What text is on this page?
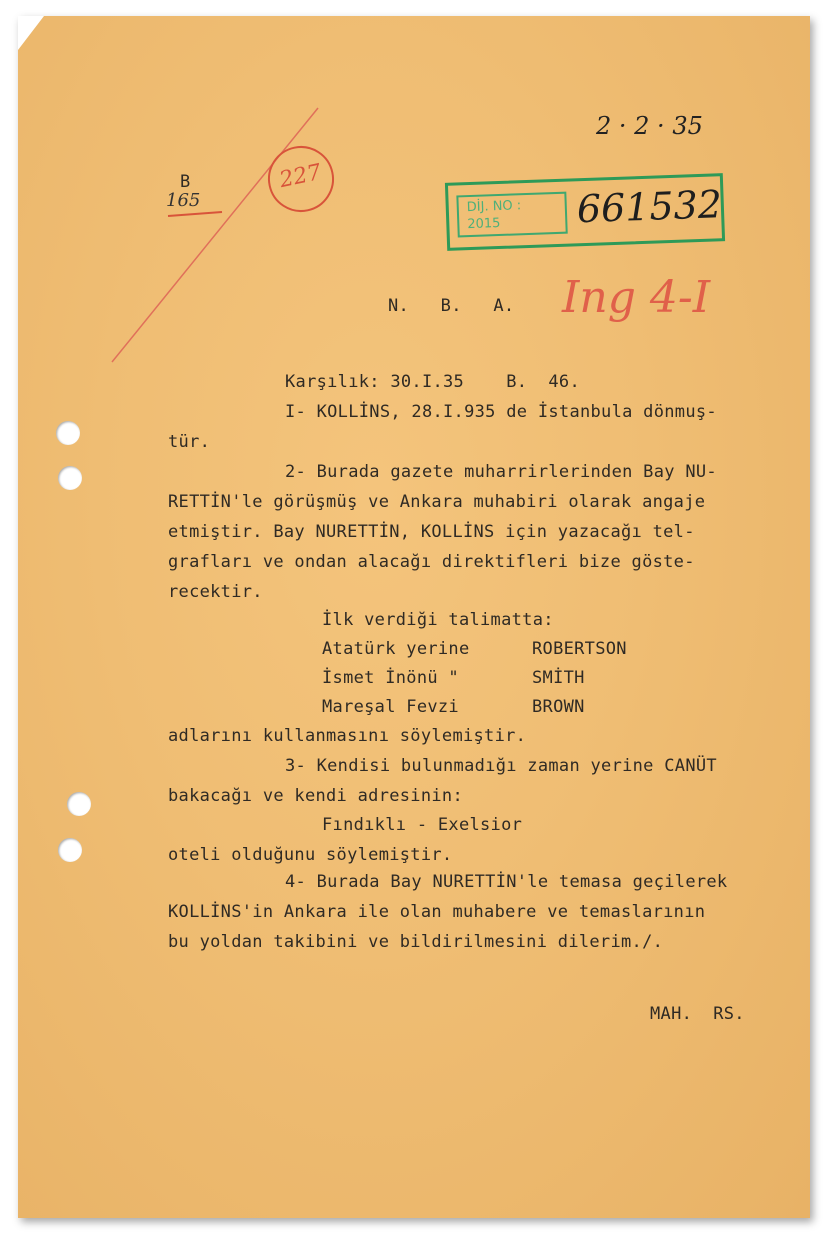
2 · 2 · 35
B
165
227
DİJ. NO :
2015 661532
N.   B.   A. Ing 4-I
Karşılık: 30.I.35    B.  46.
I- KOLLİNS, 28.I.935 de İstanbula dönmuş-
tür.
2- Burada gazete muharrirlerinden Bay NU-
RETTİN'le görüşmüş ve Ankara muhabiri olarak angaje
etmiştir. Bay NURETTİN, KOLLİNS için yazacağı tel-
grafları ve ondan alacağı direktifleri bize göste-
recektir.
İlk verdiği talimatta:
Atatürk yerine	ROBERTSON
İsmet İnönü "	SMİTH
Mareşal Fevzi	BROWN
adlarını kullanmasını söylemiştir.
3- Kendisi bulunmadığı zaman yerine CANÜT
bakacağı ve kendi adresinin:
Fındıklı - Exelsior
oteli olduğunu söylemiştir.
4- Burada Bay NURETTİN'le temasa geçilerek
KOLLİNS'in Ankara ile olan muhabere ve temaslarının
bu yoldan takibini ve bildirilmesini dilerim./.
MAH.  RS.
